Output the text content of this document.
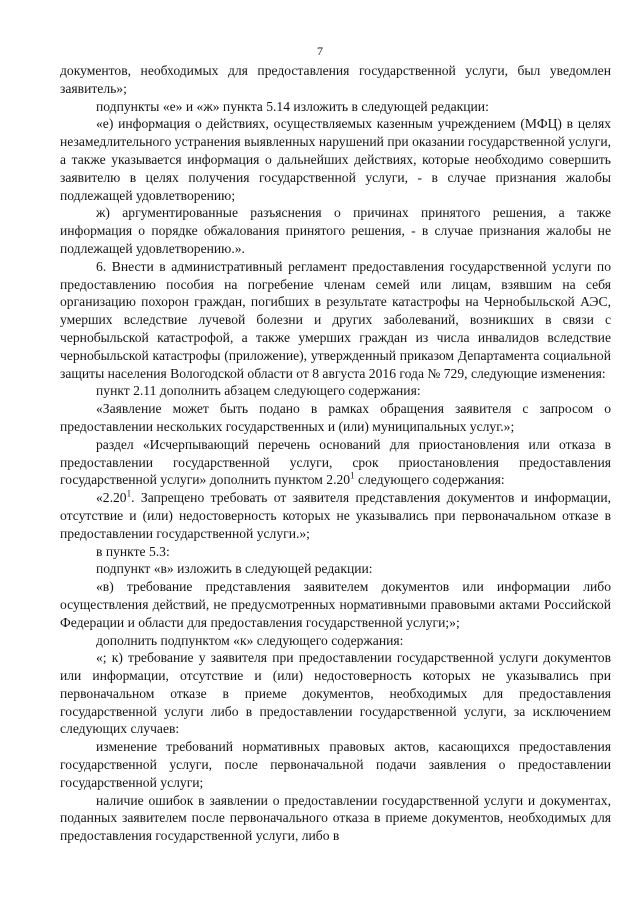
7

документов, необходимых для предоставления государственной услуги, был уведомлен заявитель»;

подпункты «е» и «ж» пункта 5.14 изложить в следующей редакции:

«е) информация о действиях, осуществляемых казенным учреждением (МФЦ) в целях незамедлительного устранения выявленных нарушений при оказании государственной услуги, а также указывается информация о дальнейших действиях, которые необходимо совершить заявителю в целях получения государственной услуги, - в случае признания жалобы подлежащей удовлетворению;

ж) аргументированные разъяснения о причинах принятого решения, а также информация о порядке обжалования принятого решения, - в случае признания жалобы не подлежащей удовлетворению.».

6. Внести в административный регламент предоставления государственной услуги по предоставлению пособия на погребение членам семей или лицам, взявшим на себя организацию похорон граждан, погибших в результате катастрофы на Чернобыльской АЭС, умерших вследствие лучевой болезни и других заболеваний, возникших в связи с чернобыльской катастрофой, а также умерших граждан из числа инвалидов вследствие чернобыльской катастрофы (приложение), утвержденный приказом Департамента социальной защиты населения Вологодской области от 8 августа 2016 года № 729, следующие изменения:

пункт 2.11 дополнить абзацем следующего содержания:

«Заявление может быть подано в рамках обращения заявителя с запросом о предоставлении нескольких государственных и (или) муниципальных услуг.»;

раздел «Исчерпывающий перечень оснований для приостановления или отказа в предоставлении государственной услуги, срок приостановления предоставления государственной услуги» дополнить пунктом 2.20$^1$ следующего содержания:

«2.20$^1$. Запрещено требовать от заявителя представления документов и информации, отсутствие и (или) недостоверность которых не указывались при первоначальном отказе в предоставлении государственной услуги.»;

в пункте 5.3:

подпункт «в» изложить в следующей редакции:

«в) требование представления заявителем документов или информации либо осуществления действий, не предусмотренных нормативными правовыми актами Российской Федерации и области для предоставления государственной услуги;»;

дополнить подпунктом «к» следующего содержания:

«; к) требование у заявителя при предоставлении государственной услуги документов или информации, отсутствие и (или) недостоверность которых не указывались при первоначальном отказе в приеме документов, необходимых для предоставления государственной услуги либо в предоставлении государственной услуги, за исключением следующих случаев:

изменение требований нормативных правовых актов, касающихся предоставления государственной услуги, после первоначальной подачи заявления о предоставлении государственной услуги;

наличие ошибок в заявлении о предоставлении государственной услуги и документах, поданных заявителем после первоначального отказа в приеме документов, необходимых для предоставления государственной услуги, либо в
